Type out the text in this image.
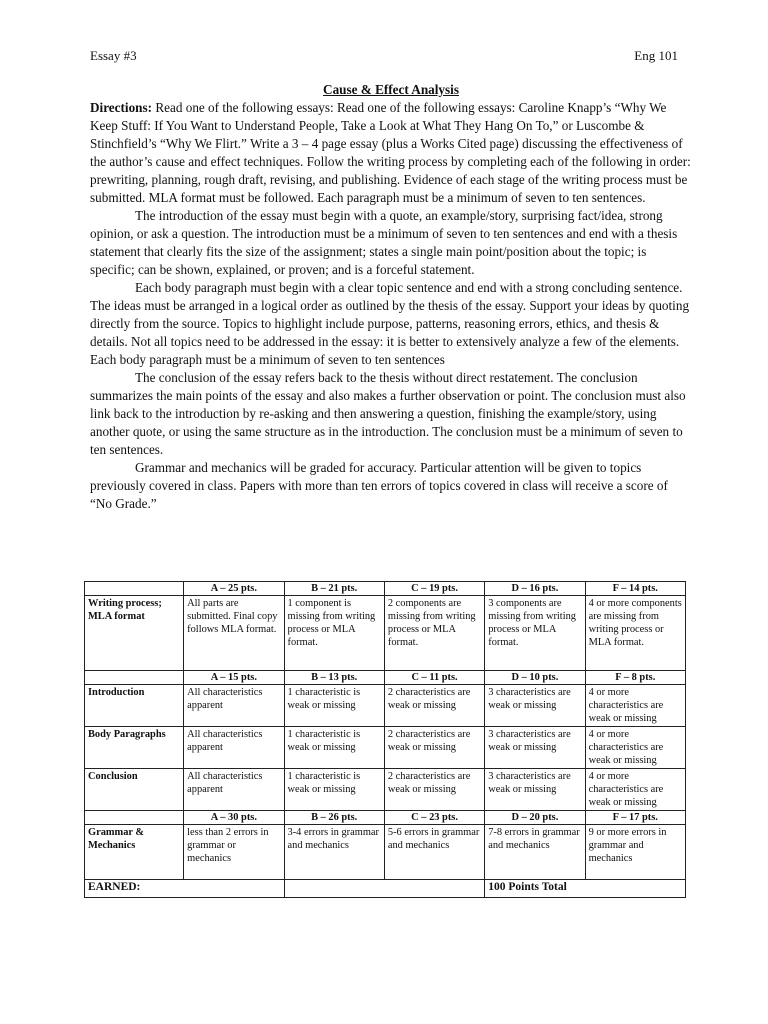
Essay #3	Eng 101

Cause & Effect Analysis

Directions: Read one of the following essays: Read one of the following essays: Caroline Knapp’s “Why We Keep Stuff: If You Want to Understand People, Take a Look at What They Hang On To,” or Luscombe & Stinchfield’s “Why We Flirt.” Write a 3 – 4 page essay (plus a Works Cited page) discussing the effectiveness of the author’s cause and effect techniques. Follow the writing process by completing each of the following in order: prewriting, planning, rough draft, revising, and publishing. Evidence of each stage of the writing process must be submitted. MLA format must be followed. Each paragraph must be a minimum of seven to ten sentences.

The introduction of the essay must begin with a quote, an example/story, surprising fact/idea, strong opinion, or ask a question. The introduction must be a minimum of seven to ten sentences and end with a thesis statement that clearly fits the size of the assignment; states a single main point/position about the topic; is specific; can be shown, explained, or proven; and is a forceful statement.

Each body paragraph must begin with a clear topic sentence and end with a strong concluding sentence. The ideas must be arranged in a logical order as outlined by the thesis of the essay. Support your ideas by quoting directly from the source. Topics to highlight include purpose, patterns, reasoning errors, ethics, and thesis & details. Not all topics need to be addressed in the essay: it is better to extensively analyze a few of the elements. Each body paragraph must be a minimum of seven to ten sentences

The conclusion of the essay refers back to the thesis without direct restatement. The conclusion summarizes the main points of the essay and also makes a further observation or point. The conclusion must also link back to the introduction by re-asking and then answering a question, finishing the example/story, using another quote, or using the same structure as in the introduction. The conclusion must be a minimum of seven to ten sentences.

Grammar and mechanics will be graded for accuracy. Particular attention will be given to topics previously covered in class. Papers with more than ten errors of topics covered in class will receive a score of “No Grade.”

	A – 25 pts.	B – 21 pts.	C – 19 pts.	D – 16 pts.	F – 14 pts.
Writing process; MLA format	All parts are submitted. Final copy follows MLA format.	1 component is missing from writing process or MLA format.	2 components are missing from writing process or MLA format.	3 components are missing from writing process or MLA format.	4 or more components are missing from writing process or MLA format.
	A – 15 pts.	B – 13 pts.	C – 11 pts.	D – 10 pts.	F – 8 pts.
Introduction	All characteristics apparent	1 characteristic is weak or missing	2 characteristics are weak or missing	3 characteristics are weak or missing	4 or more characteristics are weak or missing
Body Paragraphs	All characteristics apparent	1 characteristic is weak or missing	2 characteristics are weak or missing	3 characteristics are weak or missing	4 or more characteristics are weak or missing
Conclusion	All characteristics apparent	1 characteristic is weak or missing	2 characteristics are weak or missing	3 characteristics are weak or missing	4 or more characteristics are weak or missing
	A – 30 pts.	B – 26 pts.	C – 23 pts.	D – 20 pts.	F – 17 pts.
Grammar & Mechanics	less than 2 errors in grammar or mechanics	3-4 errors in grammar and mechanics	5-6 errors in grammar and mechanics	7-8 errors in grammar and mechanics	9 or more errors in grammar and mechanics
EARNED:				100 Points Total	
